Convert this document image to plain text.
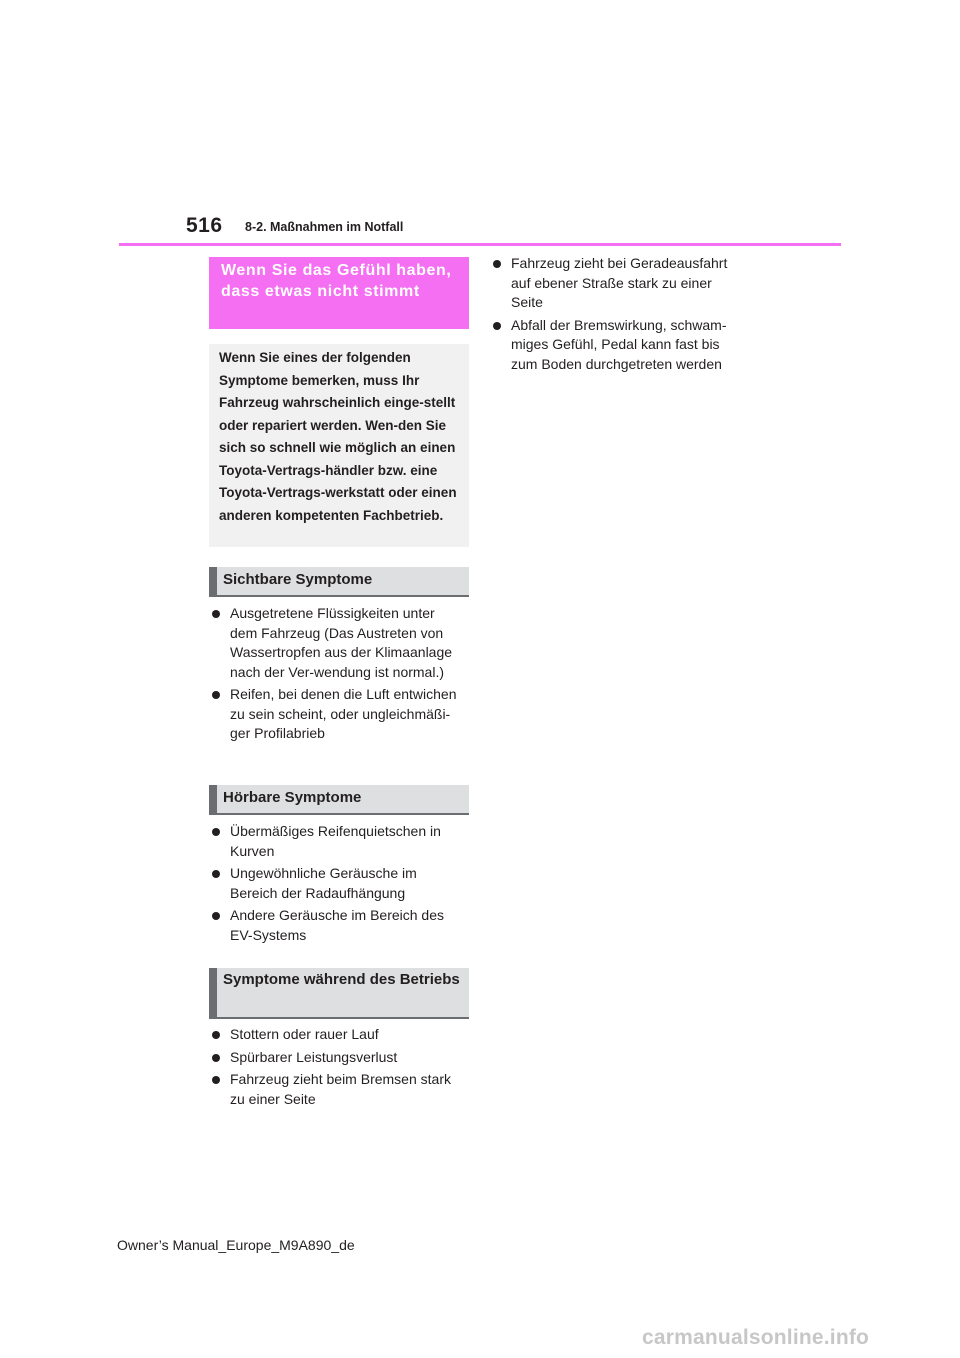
516 8-2. Maßnahmen im Notfall
Wenn Sie das Gefühl haben, dass etwas nicht stimmt
Wenn Sie eines der folgenden Symptome bemerken, muss Ihr Fahrzeug wahrscheinlich einge-stellt oder repariert werden. Wen-den Sie sich so schnell wie möglich an einen Toyota-Vertrags-händler bzw. eine Toyota-Vertrags-werkstatt oder einen anderen kompetenten Fachbetrieb.
Sichtbare Symptome
Ausgetretene Flüssigkeiten unter dem Fahrzeug (Das Austreten von Wassertropfen aus der Klimaanlage nach der Ver-wendung ist normal.)
Reifen, bei denen die Luft entwichen zu sein scheint, oder ungleichmäßi-ger Profilabrieb
Hörbare Symptome
Übermäßiges Reifenquietschen in Kurven
Ungewöhnliche Geräusche im Bereich der Radaufhängung
Andere Geräusche im Bereich des EV-Systems
Symptome während des Betriebs
Stottern oder rauer Lauf
Spürbarer Leistungsverlust
Fahrzeug zieht beim Bremsen stark zu einer Seite
Fahrzeug zieht bei Geradeausfahrt auf ebener Straße stark zu einer Seite
Abfall der Bremswirkung, schwam-miges Gefühl, Pedal kann fast bis zum Boden durchgetreten werden
Owner’s Manual_Europe_M9A890_de
carmanualsonline.info
